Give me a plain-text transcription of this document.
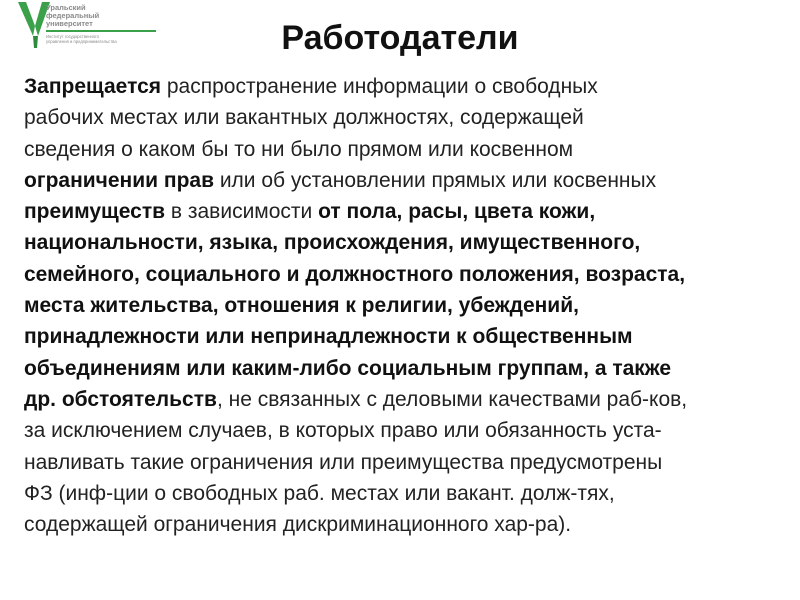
Уральский
федеральный
университет
Институт государственного
управления и предпринимательства	Работодатели
Запрещается распространение информации о свободных
рабочих местах или вакантных должностях, содержащей
сведения о каком бы то ни было прямом или косвенном
ограничении прав или об установлении прямых или косвенных
преимуществ в зависимости от пола, расы, цвета кожи,
национальности, языка, происхождения, имущественного,
семейного, социального и должностного положения, возраста,
места жительства, отношения к религии, убеждений,
принадлежности или непринадлежности к общественным
объединениям или каким-либо социальным группам, а также
др. обстоятельств, не связанных с деловыми качествами раб-ков,
за исключением случаев, в которых право или обязанность уста-
навливать такие ограничения или преимущества предусмотрены
ФЗ (инф-ции о свободных раб. местах или вакант. долж-тях,
содержащей ограничения дискриминационного хар-ра).
